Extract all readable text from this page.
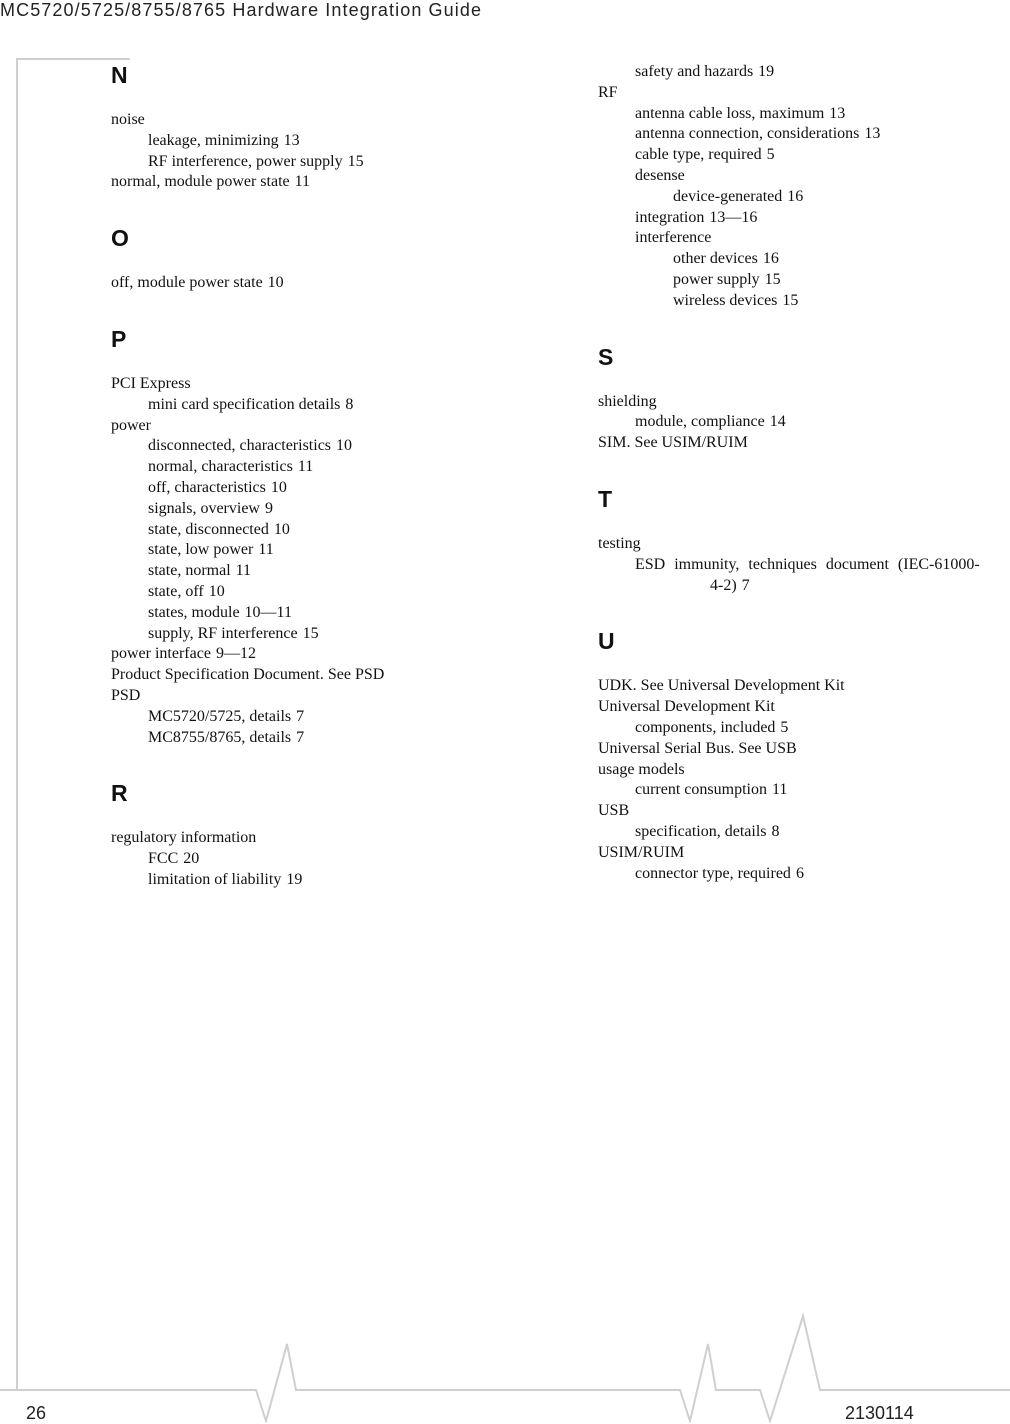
MC5720/5725/8755/8765 Hardware Integration Guide
N
noise
leakage, minimizing 13
RF interference, power supply 15
normal, module power state 11
O
off, module power state 10
P
PCI Express
mini card specification details 8
power
disconnected, characteristics 10
normal, characteristics 11
off, characteristics 10
signals, overview 9
state, disconnected 10
state, low power 11
state, normal 11
state, off 10
states, module 10—11
supply, RF interference 15
power interface 9—12
Product Specification Document. See PSD
PSD
MC5720/5725, details 7
MC8755/8765, details 7
R
regulatory information
FCC 20
limitation of liability 19
safety and hazards 19
RF
antenna cable loss, maximum 13
antenna connection, considerations 13
cable type, required 5
desense
device-generated 16
integration 13—16
interference
other devices 16
power supply 15
wireless devices 15
S
shielding
module, compliance 14
SIM. See USIM/RUIM
T
testing
ESD immunity, techniques document (IEC-61000-
4-2) 7
U
UDK. See Universal Development Kit
Universal Development Kit
components, included 5
Universal Serial Bus. See USB
usage models
current consumption 11
USB
specification, details 8
USIM/RUIM
connector type, required 6
26	2130114
